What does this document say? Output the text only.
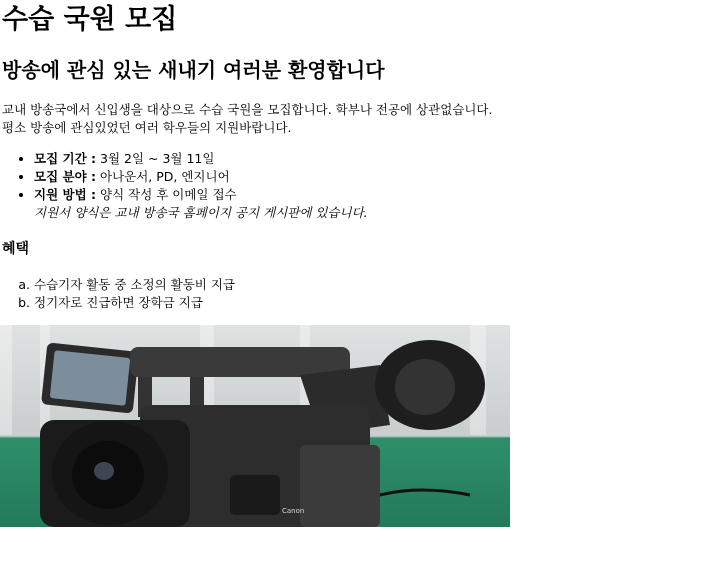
수습 국원 모집
방송에 관심 있는 새내기 여러분 환영합니다

교내 방송국에서 신입생을 대상으로 수습 국원을 모집합니다. 학부나 전공에 상관없습니다.
평소 방송에 관심있었던 여러 학우들의 지원바랍니다.

• 모집 기간 : 3월 2일 ~ 3월 11일
• 모집 분야 : 아나운서, PD, 엔지니어
• 지원 방법 : 양식 작성 후 이메일 접수
지원서 양식은 교내 방송국 홈페이지 공지 게시판에 있습니다.
혜택
a. 수습기자 활동 중 소정의 활동비 지급
b. 정기자로 진급하면 장학금 지급
Canon
